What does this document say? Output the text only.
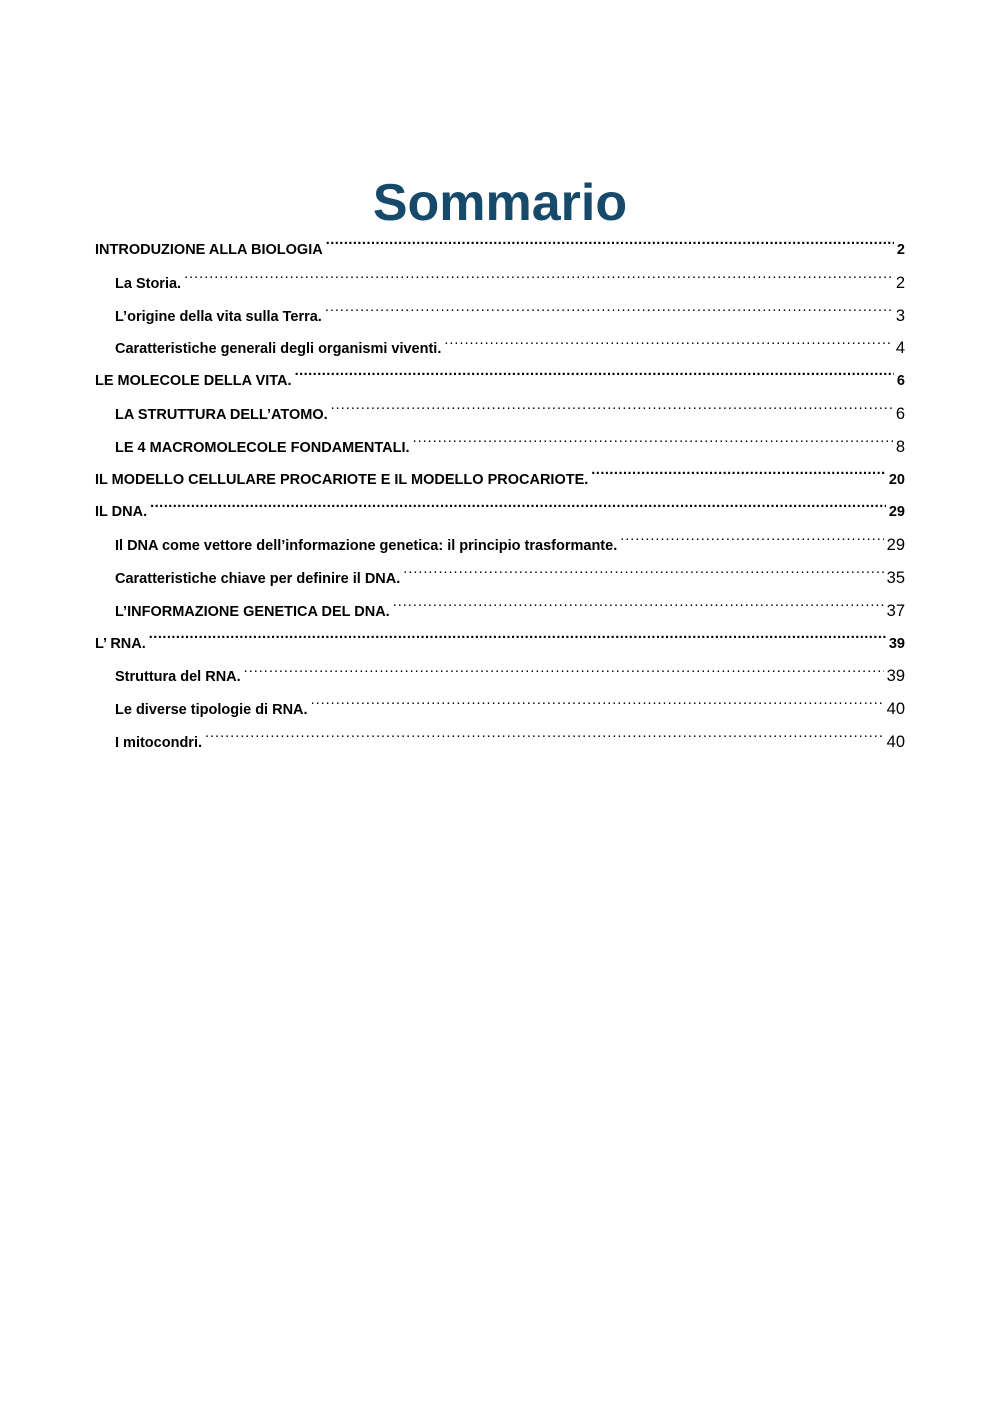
Sommario
INTRODUZIONE ALLA BIOLOGIA .....	2
La Storia. .....	2
L’origine della vita sulla Terra. .....	3
Caratteristiche generali degli organismi viventi. .....	4
LE MOLECOLE DELLA VITA. .....	6
LA STRUTTURA DELL’ATOMO. .....	6
LE 4 MACROMOLECOLE FONDAMENTALI. .....	8
IL MODELLO CELLULARE PROCARIOTE E IL MODELLO PROCARIOTE. .....	20
IL DNA. .....	29
Il DNA come vettore dell’informazione genetica: il principio trasformante. .....	29
Caratteristiche chiave per definire il DNA. .....	35
L’INFORMAZIONE GENETICA DEL DNA. .....	37
L’ RNA. .....	39
Struttura del RNA. .....	39
Le diverse tipologie di RNA. .....	40
I mitocondri. .....	40
